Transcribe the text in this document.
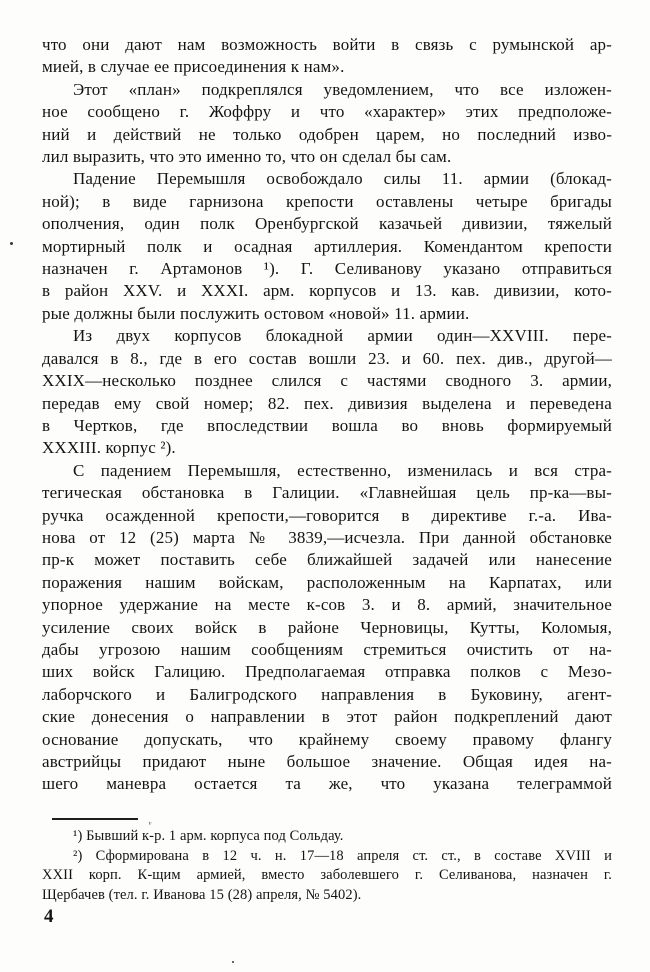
что они дают нам возможность войти в связь с румынской ар-
мией, в случае ее присоединения к нам».
Этот «план» подкреплялся уведомлением, что все изложен-
ное сообщено г. Жоффру и что «характер» этих предположе-
ний и действий не только одобрен царем, но последний изво-
лил выразить, что это именно то, что он сделал бы сам.
Падение Перемышля освобождало силы 11. армии (блокад-
ной); в виде гарнизона крепости оставлены четыре бригады
ополчения, один полк Оренбургской казачьей дивизии, тяжелый
мортирный полк и осадная артиллерия. Комендантом крепости
назначен г. Артамонов ¹). Г. Селиванову указано отправиться
в район XXV. и XXXI. арм. корпусов и 13. кав. дивизии, кото-
рые должны были послужить остовом «новой» 11. армии.
Из двух корпусов блокадной армии один—XXVIII. пере-
давался в 8., где в его состав вошли 23. и 60. пех. див., другой—
XXIX—несколько позднее слился с частями сводного 3. армии,
передав ему свой номер; 82. пех. дивизия выделена и переведена
в Чертков, где впоследствии вошла во вновь формируемый
XXXIII. корпус ²).
С падением Перемышля, естественно, изменилась и вся стра-
тегическая обстановка в Галиции. «Главнейшая цель пр-ка—вы-
ручка осажденной крепости,—говорится в директиве г.-а. Ива-
нова от 12 (25) марта № 3839,—исчезла. При данной обстановке
пр-к может поставить себе ближайшей задачей или нанесение
поражения нашим войскам, расположенным на Карпатах, или
упорное удержание на месте к-сов 3. и 8. армий, значительное
усиление своих войск в районе Черновицы, Кутты, Коломыя,
дабы угрозою нашим сообщениям стремиться очистить от на-
ших войск Галицию. Предполагаемая отправка полков с Мезо-
лаборчского и Балигродского направления в Буковину, агент-
ские донесения о направлении в этот район подкреплений дают
основание допускать, что крайнему своему правому флангу
австрийцы придают ныне большое значение. Общая идея на-
шего маневра остается та же, что указана телеграммой
ᵥ
¹) Бывший к-р. 1 арм. корпуса под Сольдау.
²) Сформирована в 12 ч. н. 17—18 апреля ст. ст., в составе XVIII и
XXII корп. К-щим армией, вместо заболевшего г. Селиванова, назначен г.
Щербачев (тел. г. Иванова 15 (28) апреля, № 5402).
4
